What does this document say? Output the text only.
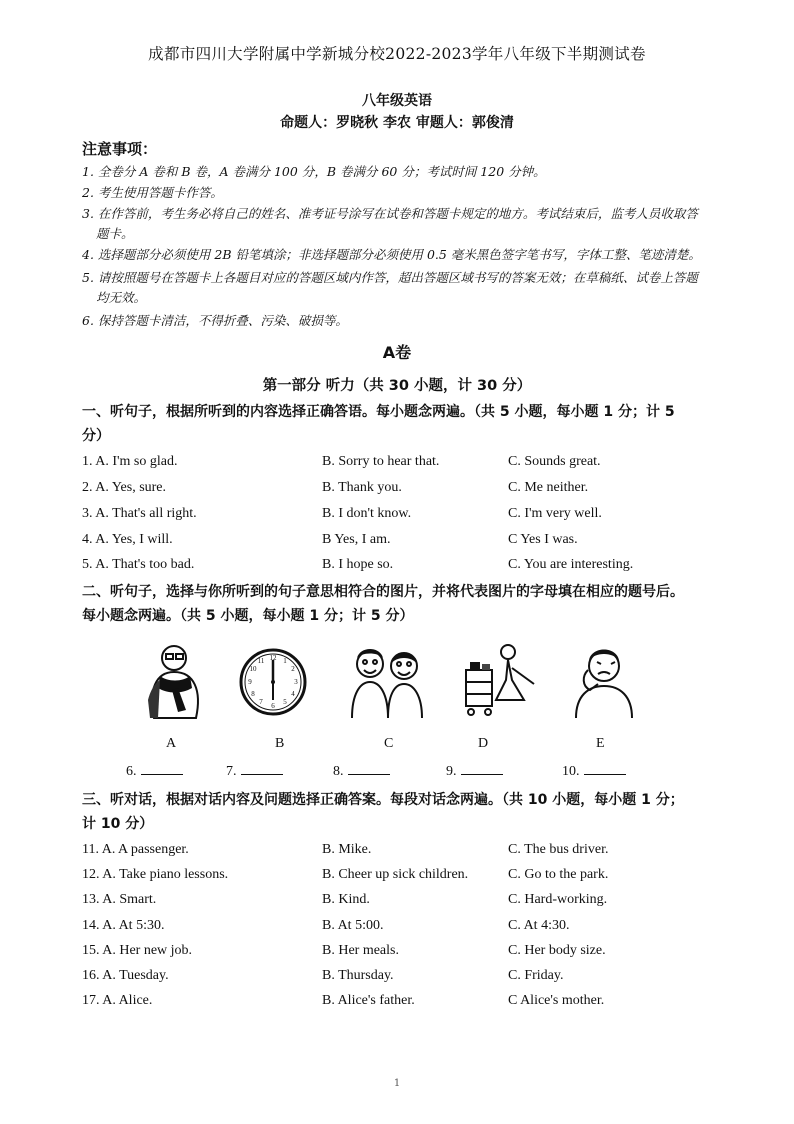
成都市四川大学附属中学新城分校2022-2023学年八年级下半期测试卷
八年级英语
命题人：罗晓秋 李农 审题人：郭俊清
注意事项：
1. 全卷分 A 卷和 B 卷，A 卷满分 100 分，B 卷满分 60 分；考试时间 120 分钟。
2. 考生使用答题卡作答。
3. 在作答前，考生务必将自己的姓名、准考证号涂写在试卷和答题卡规定的地方。考试结束后，监考人员收取答
题卡。
4. 选择题部分必须使用 2B 铅笔填涂；非选择题部分必须使用 0.5 毫米黑色签字笔书写，字体工整、笔迹清楚。
5. 请按照题号在答题卡上各题目对应的答题区域内作答，超出答题区域书写的答案无效；在草稿纸、试卷上答题
均无效。
6. 保持答题卡清洁，不得折叠、污染、破损等。
A卷
第一部分 听力（共 30 小题，计 30 分）
一、听句子，根据所听到的内容选择正确答语。每小题念两遍。（共 5 小题，每小题 1 分；计 5
分）
1. A. I'm so glad.	B. Sorry to hear that.	C. Sounds great.
2. A. Yes, sure.	B. Thank you.	C. Me neither.
3. A. That's all right.	B. I don't know.	C. I'm very well.
4. A. Yes, I will.	B Yes, I am.	C Yes I was.
5. A. That's too bad.	B. I hope so.	C. You are interesting.
二、听句子，选择与你所听到的句子意思相符合的图片，并将代表图片的字母填在相应的题号后。
每小题念两遍。（共 5 小题，每小题 1 分；计 5 分）
12 1
2
3
4
5
6
7
8
9
10
11
A	B	C	D	E
6.	7.	8.	9.	10.
三、听对话，根据对话内容及问题选择正确答案。每段对话念两遍。（共 10 小题，每小题 1 分；
计 10 分）
11. A. A passenger.	B. Mike.	C. The bus driver.
12. A. Take piano lessons.	B. Cheer up sick children.	C. Go to the park.
13. A. Smart.	B. Kind.	C. Hard-working.
14. A. At 5:30.	B. At 5:00.	C. At 4:30.
15. A. Her new job.	B. Her meals.	C. Her body size.
16. A. Tuesday.	B. Thursday.	C. Friday.
17. A. Alice.	B. Alice's father.	C Alice's mother.
1
